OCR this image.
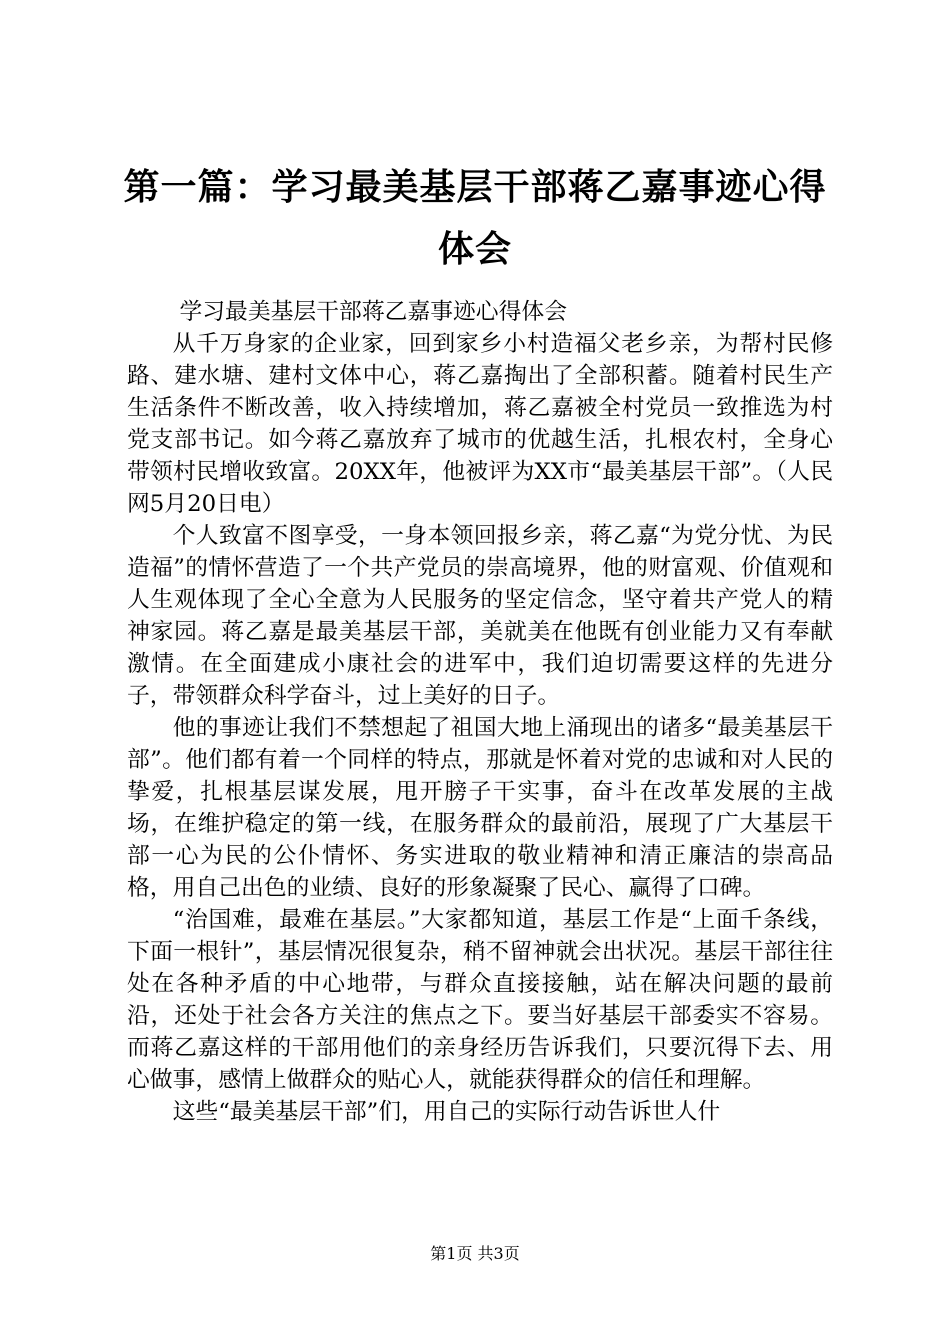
第一篇：学习最美基层干部蒋乙嘉事迹心得体会

学习最美基层干部蒋乙嘉事迹心得体会

从千万身家的企业家，回到家乡小村造福父老乡亲，为帮村民修路、建水塘、建村文体中心，蒋乙嘉掏出了全部积蓄。随着村民生产生活条件不断改善，收入持续增加，蒋乙嘉被全村党员一致推选为村党支部书记。如今蒋乙嘉放弃了城市的优越生活，扎根农村，全身心带领村民增收致富。20XX年，他被评为XX市“最美基层干部”。（人民网5月20日电）

个人致富不图享受，一身本领回报乡亲，蒋乙嘉“为党分忧、为民造福”的情怀营造了一个共产党员的崇高境界，他的财富观、价值观和人生观体现了全心全意为人民服务的坚定信念，坚守着共产党人的精神家园。蒋乙嘉是最美基层干部，美就美在他既有创业能力又有奉献激情。在全面建成小康社会的进军中，我们迫切需要这样的先进分子，带领群众科学奋斗，过上美好的日子。

他的事迹让我们不禁想起了祖国大地上涌现出的诸多“最美基层干部”。他们都有着一个同样的特点，那就是怀着对党的忠诚和对人民的挚爱，扎根基层谋发展，甩开膀子干实事，奋斗在改革发展的主战场，在维护稳定的第一线，在服务群众的最前沿，展现了广大基层干部一心为民的公仆情怀、务实进取的敬业精神和清正廉洁的崇高品格，用自己出色的业绩、良好的形象凝聚了民心、赢得了口碑。

“治国难，最难在基层。”大家都知道，基层工作是“上面千条线，下面一根针”，基层情况很复杂，稍不留神就会出状况。基层干部往往处在各种矛盾的中心地带，与群众直接接触，站在解决问题的最前沿，还处于社会各方关注的焦点之下。要当好基层干部委实不容易。而蒋乙嘉这样的干部用他们的亲身经历告诉我们，只要沉得下去、用心做事，感情上做群众的贴心人，就能获得群众的信任和理解。

这些“最美基层干部”们，用自己的实际行动告诉世人什

第1页 共3页
